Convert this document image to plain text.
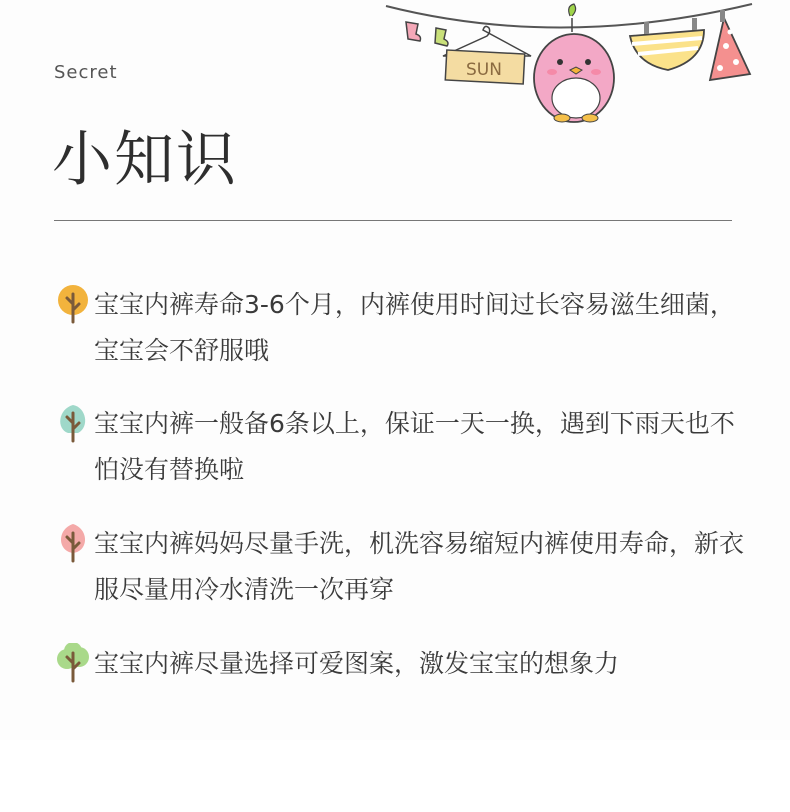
SUN
Secret
小知识
宝宝内裤寿命3-6个月，内裤使用时间过长容易滋生细菌，宝宝会不舒服哦
宝宝内裤一般备6条以上，保证一天一换，遇到下雨天也不怕没有替换啦
宝宝内裤妈妈尽量手洗，机洗容易缩短内裤使用寿命，新衣服尽量用冷水清洗一次再穿
宝宝内裤尽量选择可爱图案，激发宝宝的想象力
